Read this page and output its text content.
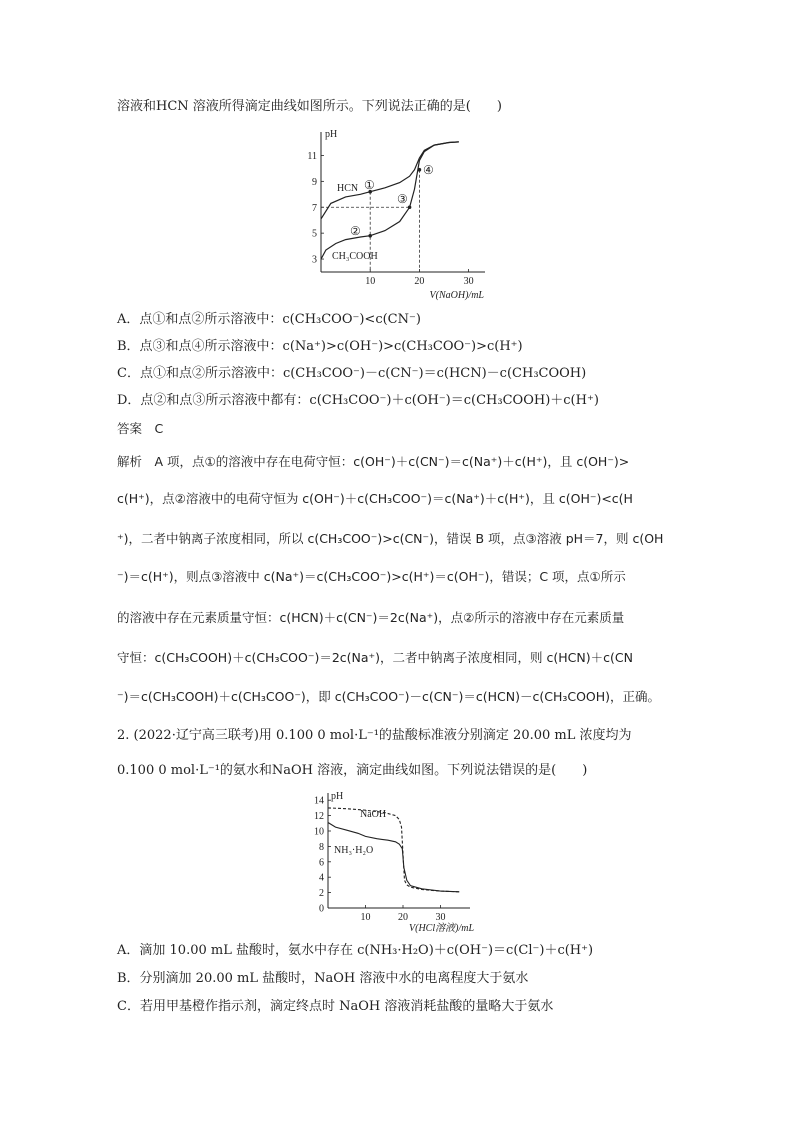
溶液和HCN 溶液所得滴定曲线如图所示。下列说法正确的是(　　)
pH
3
5
7
9
11
10	20	30
V(NaOH)/mL
HCN
CH₃COOH
①
②
③
④
A．点①和点②所示溶液中：c(CH₃COO⁻)<c(CN⁻)
B．点③和点④所示溶液中：c(Na⁺)>c(OH⁻)>c(CH₃COO⁻)>c(H⁺)
C．点①和点②所示溶液中：c(CH₃COO⁻)－c(CN⁻)＝c(HCN)－c(CH₃COOH)
D．点②和点③所示溶液中都有：c(CH₃COO⁻)＋c(OH⁻)＝c(CH₃COOH)＋c(H⁺)
答案　C
解析　A 项，点①的溶液中存在电荷守恒：c(OH⁻)＋c(CN⁻)＝c(Na⁺)＋c(H⁺)，且 c(OH⁻)>
c(H⁺)，点②溶液中的电荷守恒为 c(OH⁻)＋c(CH₃COO⁻)＝c(Na⁺)＋c(H⁺)，且 c(OH⁻)<c(H
⁺)，二者中钠离子浓度相同，所以 c(CH₃COO⁻)>c(CN⁻)，错误 B 项，点③溶液 pH＝7，则 c(OH
⁻)＝c(H⁺)，则点③溶液中 c(Na⁺)＝c(CH₃COO⁻)>c(H⁺)＝c(OH⁻)，错误；C 项，点①所示
的溶液中存在元素质量守恒：c(HCN)＋c(CN⁻)＝2c(Na⁺)，点②所示的溶液中存在元素质量
守恒：c(CH₃COOH)＋c(CH₃COO⁻)＝2c(Na⁺)，二者中钠离子浓度相同，则 c(HCN)＋c(CN
⁻)＝c(CH₃COOH)＋c(CH₃COO⁻)，即 c(CH₃COO⁻)－c(CN⁻)＝c(HCN)－c(CH₃COOH)，正确。
2. (2022·辽宁高三联考)用 0.100 0 mol·L⁻¹的盐酸标准液分别滴定 20.00 mL 浓度均为
0.100 0 mol·L⁻¹的氨水和NaOH 溶液，滴定曲线如图。下列说法错误的是(　　)
pH
2
4
6
8
10
12
14
0
10	20	30
V(HCl溶液)/mL
NaOH
NH₃·H₂O
A．滴加 10.00 mL 盐酸时，氨水中存在 c(NH₃·H₂O)＋c(OH⁻)＝c(Cl⁻)＋c(H⁺)
B．分别滴加 20.00 mL 盐酸时，NaOH 溶液中水的电离程度大于氨水
C．若用甲基橙作指示剂，滴定终点时 NaOH 溶液消耗盐酸的量略大于氨水
